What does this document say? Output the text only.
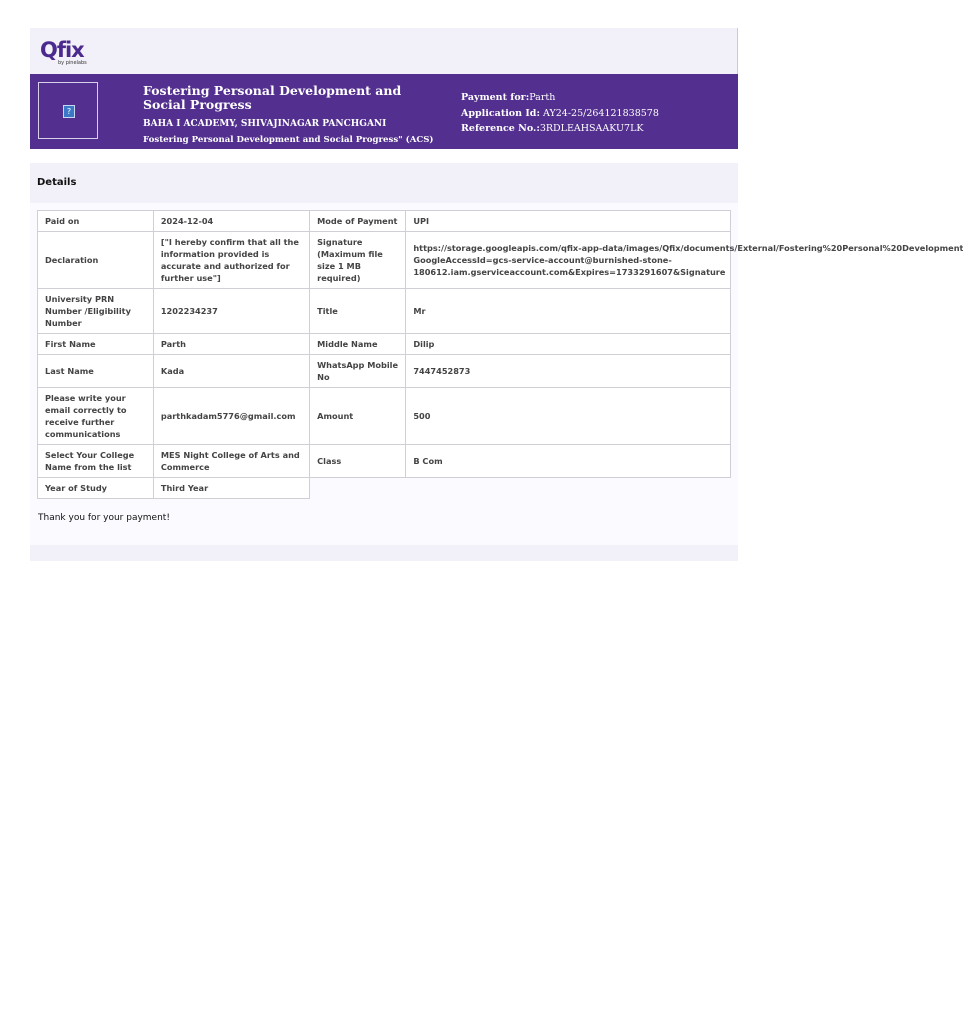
Qfix
by pinelabs
?
Fostering Personal Development and Social Progress
BAHA I ACADEMY, SHIVAJINAGAR PANCHGANI
Fostering Personal Development and Social Progress" (ACS)
Payment for:Parth
Application Id: AY24-25/264121838578
Reference No.:3RDLEAHSAAKU7LK
Details
Paid on	2024-12-04	Mode of Payment	UPI
Declaration	["I hereby confirm that all the information provided is accurate and authorized for further use"]	Signature (Maximum file size 1 MB required)	https://storage.googleapis.com/qfix-app-data/images/Qfix/documents/External/Fostering%20Personal%20Development
GoogleAccessId=gcs-service-account@burnished-stone-
180612.iam.gserviceaccount.com&Expires=1733291607&Signature

University PRN Number /Eligibility Number	1202234237	Title	Mr
First Name	Parth	Middle Name	Dilip
Last Name	Kada	WhatsApp Mobile No	7447452873
Please write your email correctly to receive further communications	parthkadam5776@gmail.com	Amount	500
Select Your College Name from the list	MES Night College of Arts and Commerce	Class	B Com
Year of Study	Third Year		
Thank you for your payment!
